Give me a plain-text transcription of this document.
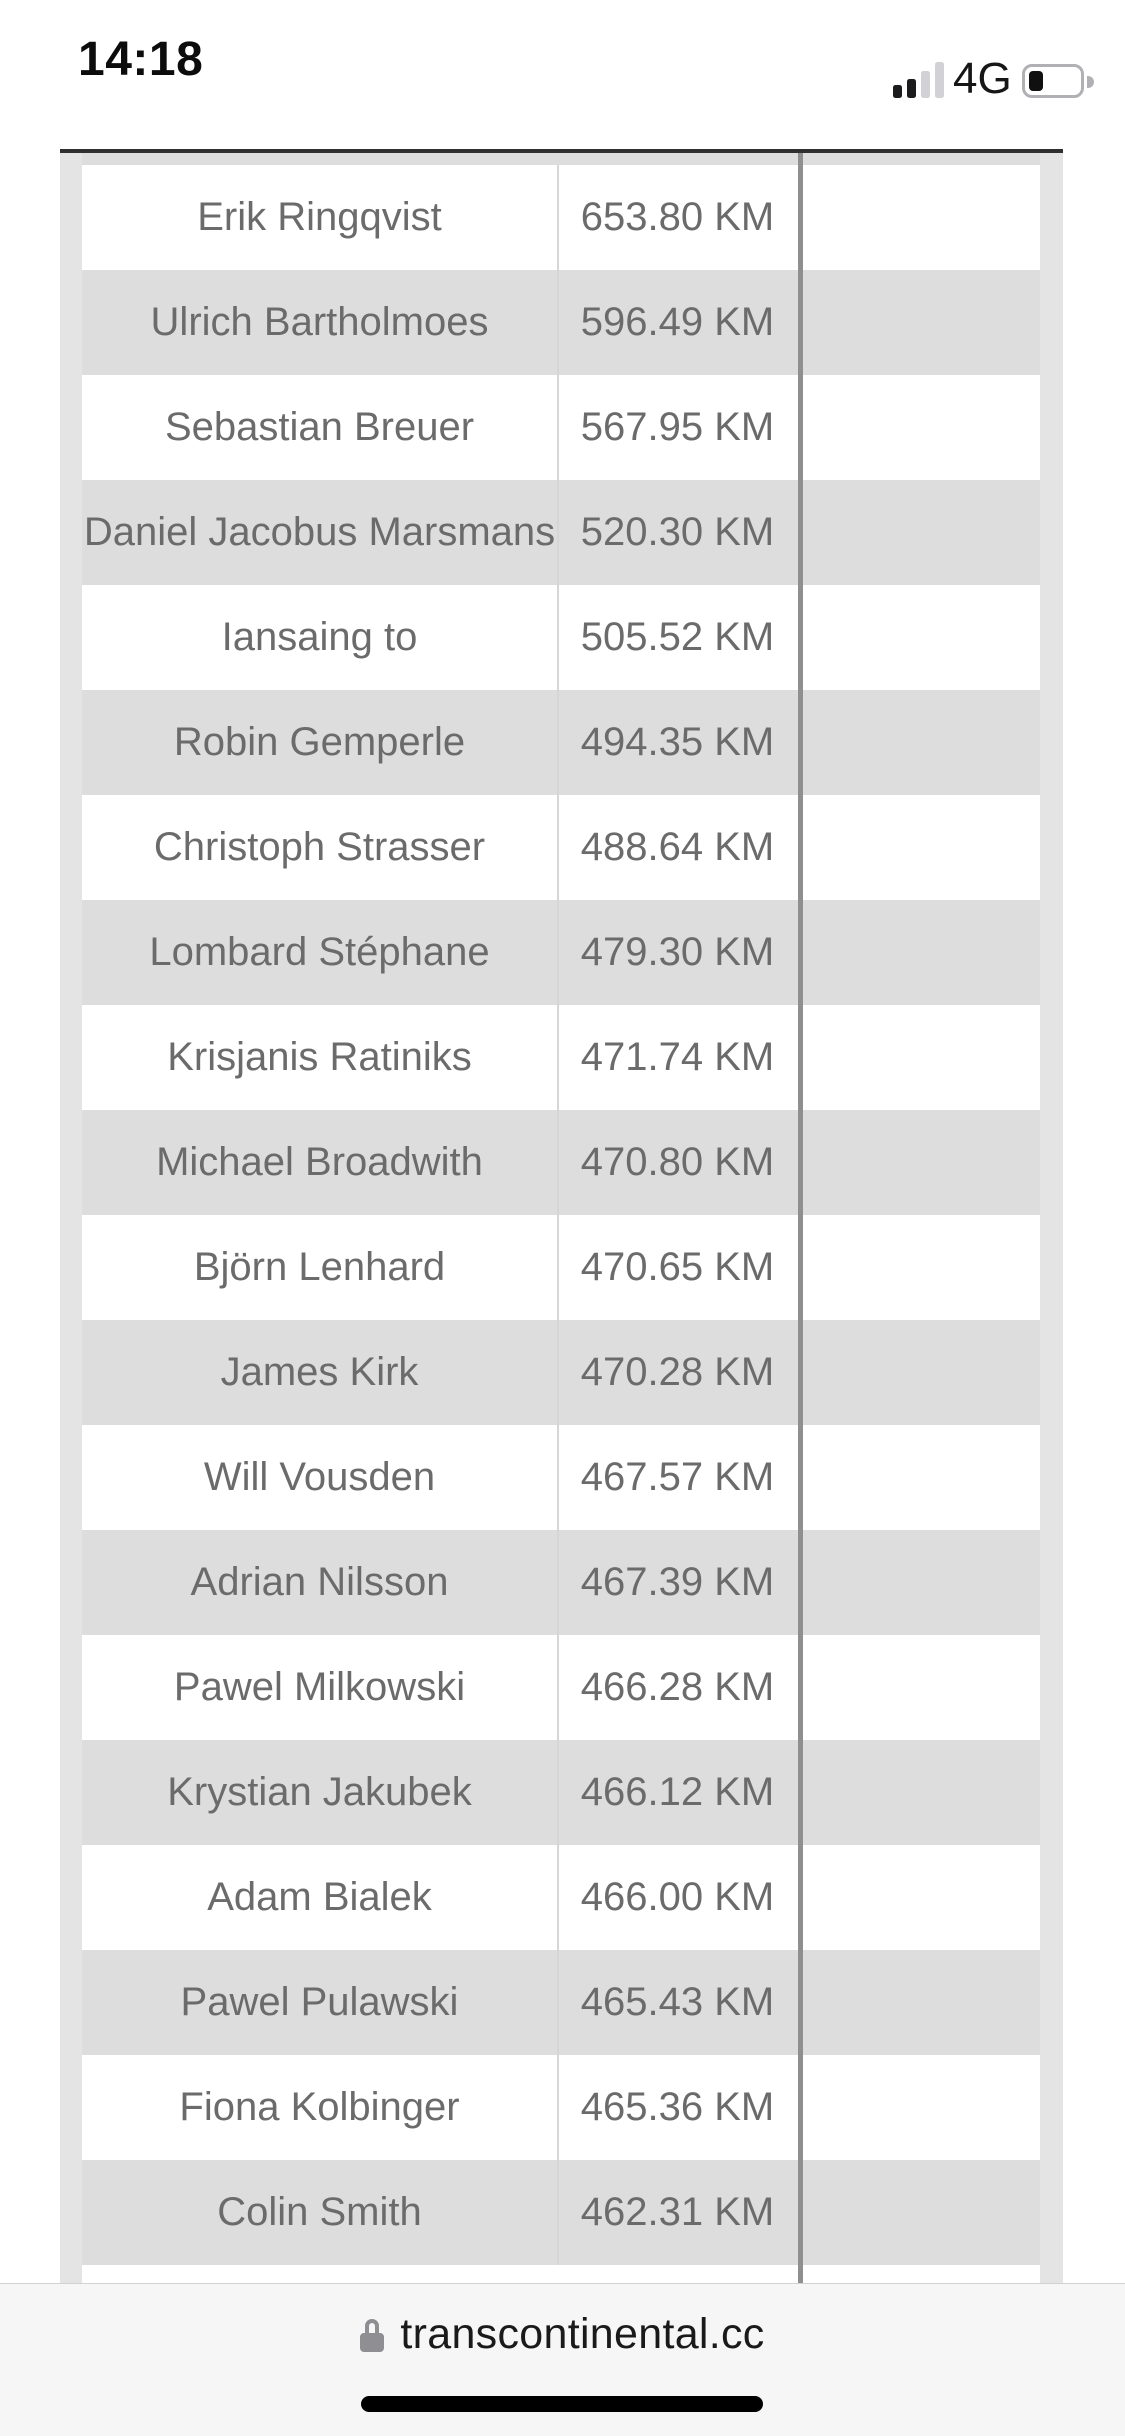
14:18	4G
Erik Ringqvist	653.80 KM
Ulrich Bartholmoes	596.49 KM
Sebastian Breuer	567.95 KM
Daniel Jacobus Marsmans 520.30 KM
Iansaing to	505.52 KM
Robin Gemperle	494.35 KM
Christoph Strasser	488.64 KM
Lombard Stéphane	479.30 KM
Krisjanis Ratiniks	471.74 KM
Michael Broadwith	470.80 KM
Björn Lenhard	470.65 KM
James Kirk	470.28 KM
Will Vousden	467.57 KM
Adrian Nilsson	467.39 KM
Pawel Milkowski	466.28 KM
Krystian Jakubek	466.12 KM
Adam Bialek	466.00 KM
Pawel Pulawski	465.43 KM
Fiona Kolbinger	465.36 KM
Colin Smith	462.31 KM
transcontinental.cc
